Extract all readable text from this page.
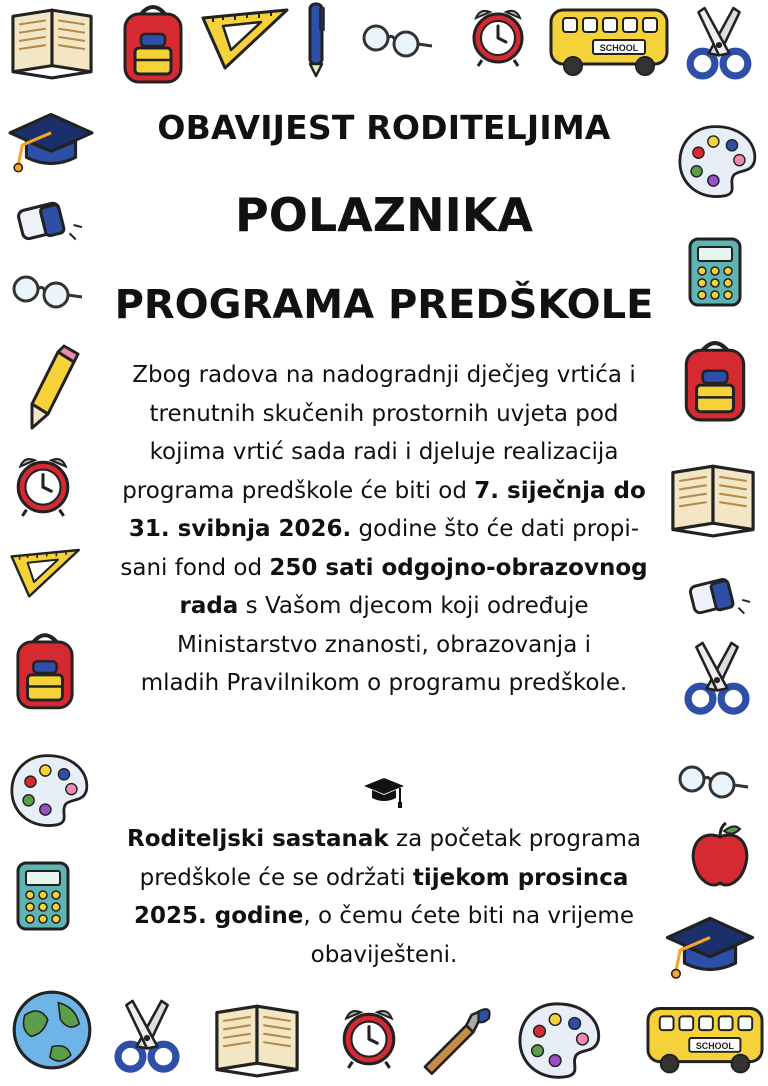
SCHOOL
SCHOOL
OBAVIJEST RODITELJIMA
POLAZNIKA
PROGRAMA PREDŠKOLE
Zbog radova na nadogradnji dječjeg vrtića i
trenutnih skučenih prostornih uvjeta pod
kojima vrtić sada radi i djeluje realizacija
programa predškole će biti od 7. siječnja do
31. svibnja 2026. godine što će dati propi-
sani fond od 250 sati odgojno-obrazovnog
rada s Vašom djecom koji određuje
Ministarstvo znanosti, obrazovanja i
mladih Pravilnikom o programu predškole.
Roditeljski sastanak za početak programa
predškole će se održati tijekom prosinca
2025. godine, o čemu ćete biti na vrijeme
obaviješteni.
